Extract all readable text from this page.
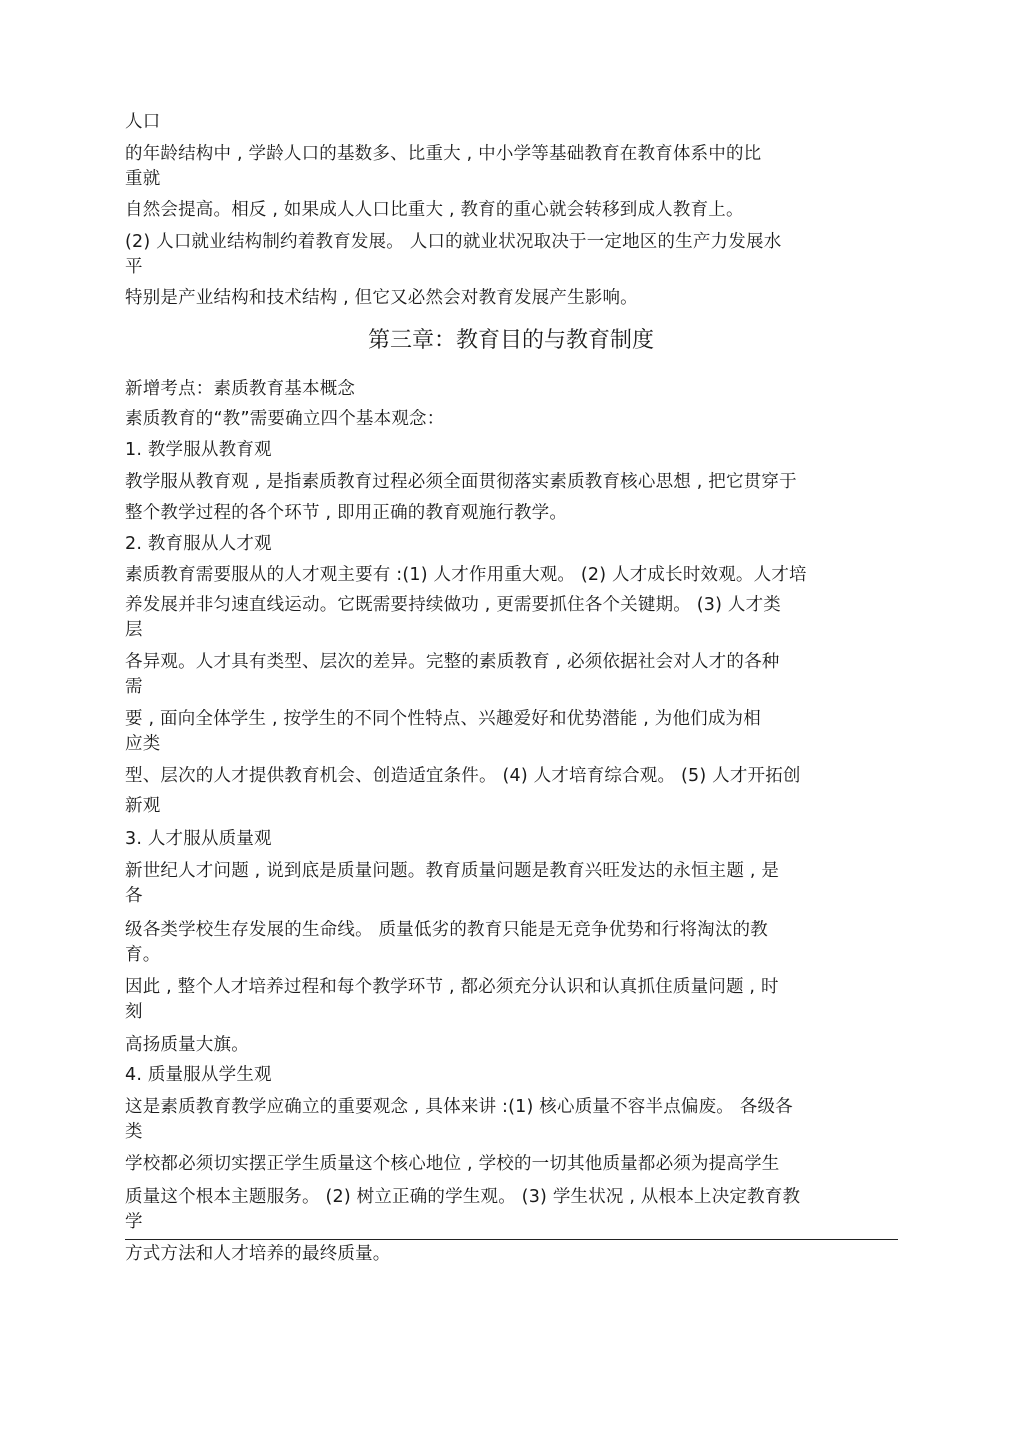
人口
的年龄结构中 , 学龄人口的基数多、比重大 , 中小学等基础教育在教育体系中的比
重就
自然会提高。相反 , 如果成人人口比重大 , 教育的重心就会转移到成人教育上。
(2) 人口就业结构制约着教育发展。 人口的就业状况取决于一定地区的生产力发展水
平
特别是产业结构和技术结构 , 但它又必然会对教育发展产生影响。
第三章：教育目的与教育制度
新增考点：素质教育基本概念
素质教育的“教”需要确立四个基本观念：
1. 教学服从教育观
教学服从教育观 , 是指素质教育过程必须全面贯彻落实素质教育核心思想 , 把它贯穿于
整个教学过程的各个环节 , 即用正确的教育观施行教学。
2. 教育服从人才观
素质教育需要服从的人才观主要有 :(1) 人才作用重大观。 (2) 人才成长时效观。人才培
养发展并非匀速直线运动。它既需要持续做功 , 更需要抓住各个关键期。 (3) 人才类
层
各异观。人才具有类型、层次的差异。完整的素质教育 , 必须依据社会对人才的各种
需
要 , 面向全体学生 , 按学生的不同个性特点、兴趣爱好和优势潜能 , 为他们成为相
应类
型、层次的人才提供教育机会、创造适宜条件。 (4) 人才培育综合观。 (5) 人才开拓创
新观
3. 人才服从质量观
新世纪人才问题 , 说到底是质量问题。教育质量问题是教育兴旺发达的永恒主题 , 是
各
级各类学校生存发展的生命线。 质量低劣的教育只能是无竞争优势和行将淘汰的教
育。
因此 , 整个人才培养过程和每个教学环节 , 都必须充分认识和认真抓住质量问题 , 时
刻
高扬质量大旗。
4. 质量服从学生观
这是素质教育教学应确立的重要观念 , 具体来讲 :(1) 核心质量不容半点偏废。 各级各
类
学校都必须切实摆正学生质量这个核心地位 , 学校的一切其他质量都必须为提高学生
质量这个根本主题服务。 (2) 树立正确的学生观。 (3) 学生状况 , 从根本上决定教育教
学
方式方法和人才培养的最终质量。
